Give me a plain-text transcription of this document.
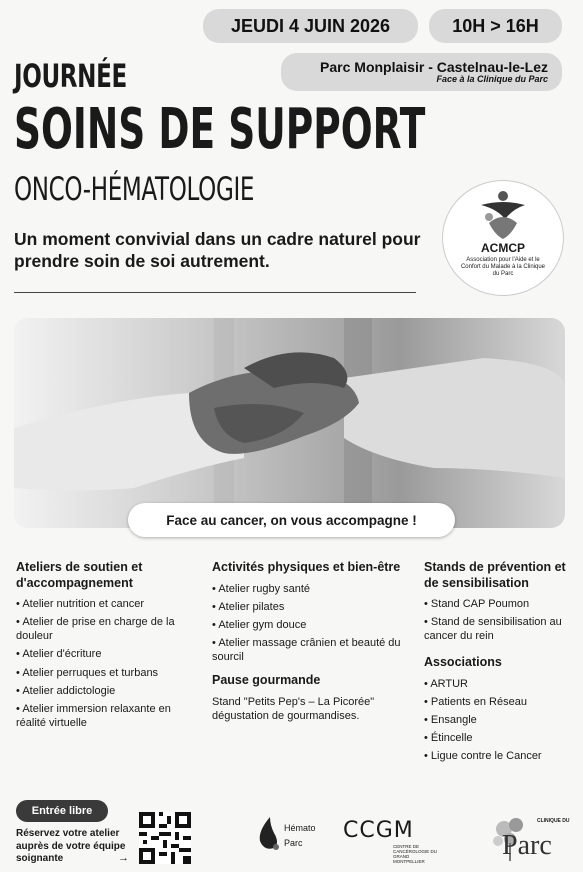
JEUDI 4 JUIN 2026	10H > 16H
Parc Monplaisir - Castelnau-le-Lez
Face à la Clinique du Parc
JOURNÉE
SOINS DE SUPPORT
ONCO-HÉMATOLOGIE
Un moment convivial dans un cadre naturel pour prendre soin de soi autrement.
ACMCP
Association pour l'Aide et le Confort du Malade à la Clinique du Parc
Face au cancer, on vous accompagne !
Ateliers de soutien et d'accompagnement
• Atelier nutrition et cancer
• Atelier de prise en charge de la douleur
• Atelier d'écriture
• Atelier perruques et turbans
• Atelier addictologie
• Atelier immersion relaxante en réalité virtuelle
Activités physiques et bien-être
• Atelier rugby santé
• Atelier pilates
• Atelier gym douce
• Atelier massage crânien et beauté du sourcil
Pause gourmande

Stand "Petits Pep's – La Picorée" dégustation de gourmandises.

Stands de prévention et de sensibilisation
• Stand CAP Poumon
• Stand de sensibilisation au cancer du rein
Associations
• ARTUR
• Patients en Réseau
• Ensangle
• Étincelle
• Ligue contre le Cancer
Entrée libre
Réservez votre atelier auprès de votre équipe soignante	→
Hémato
Parc CCGM
CENTRE DE CANCÉROLOGIE DU GRAND MONTPELLIER
CLINIQUE DU
Parc
